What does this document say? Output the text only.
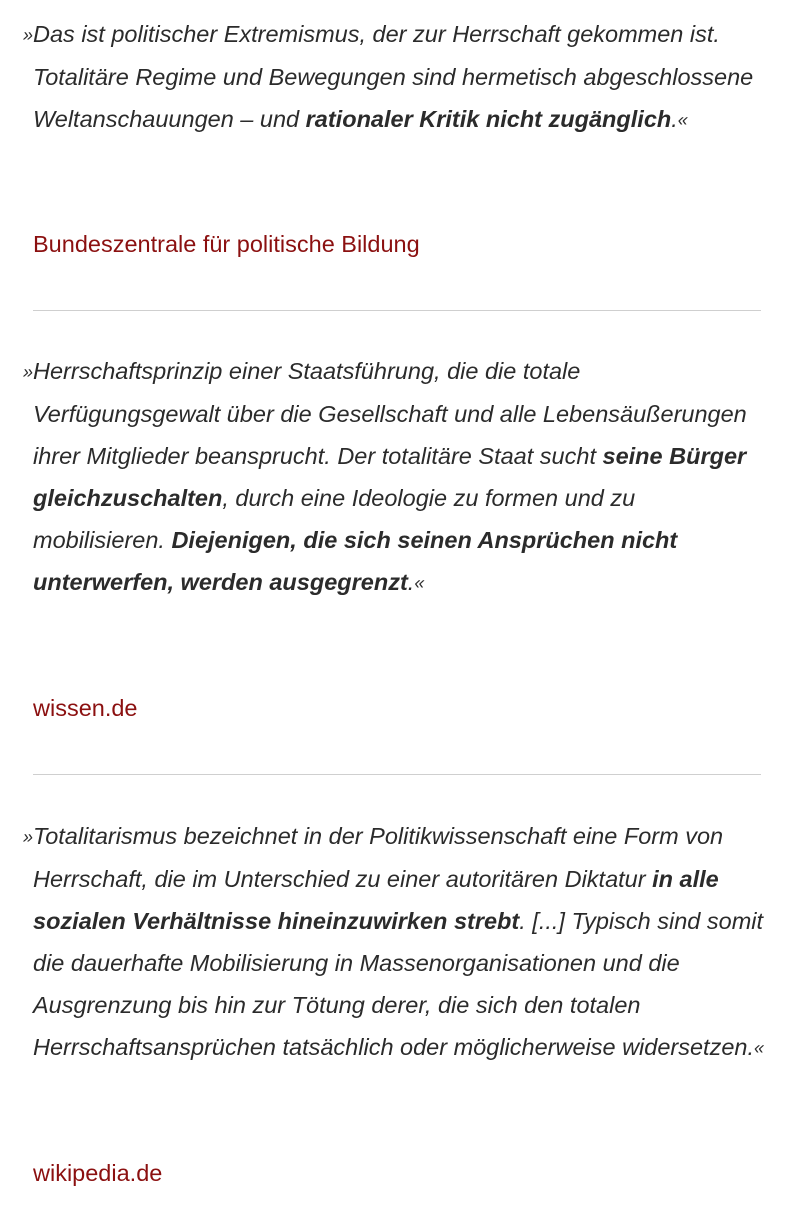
»Das ist politischer Extremismus, der zur Herrschaft gekommen ist. Totalitäre Regime und Bewegungen sind hermetisch abgeschlossene Weltanschauungen – und rationaler Kritik nicht zugänglich.«

Bundeszentrale für politische Bildung

»Herrschaftsprinzip einer Staatsführung, die die totale Verfügungsgewalt über die Gesellschaft und alle Lebensäußerungen ihrer Mitglieder beansprucht. Der totalitäre Staat sucht seine Bürger gleichzuschalten, durch eine Ideologie zu formen und zu mobilisieren. Diejenigen, die sich seinen Ansprüchen nicht unterwerfen, werden ausgegrenzt.«

wissen.de

»Totalitarismus bezeichnet in der Politikwissenschaft eine Form von Herrschaft, die im Unterschied zu einer autoritären Diktatur in alle sozialen Verhältnisse hineinzuwirken strebt. [...] Typisch sind somit die dauerhafte Mobilisierung in Massenorganisationen und die Ausgrenzung bis hin zur Tötung derer, die sich den totalen Herrschaftsansprüchen tatsächlich oder möglicherweise widersetzen.«

wikipedia.de
